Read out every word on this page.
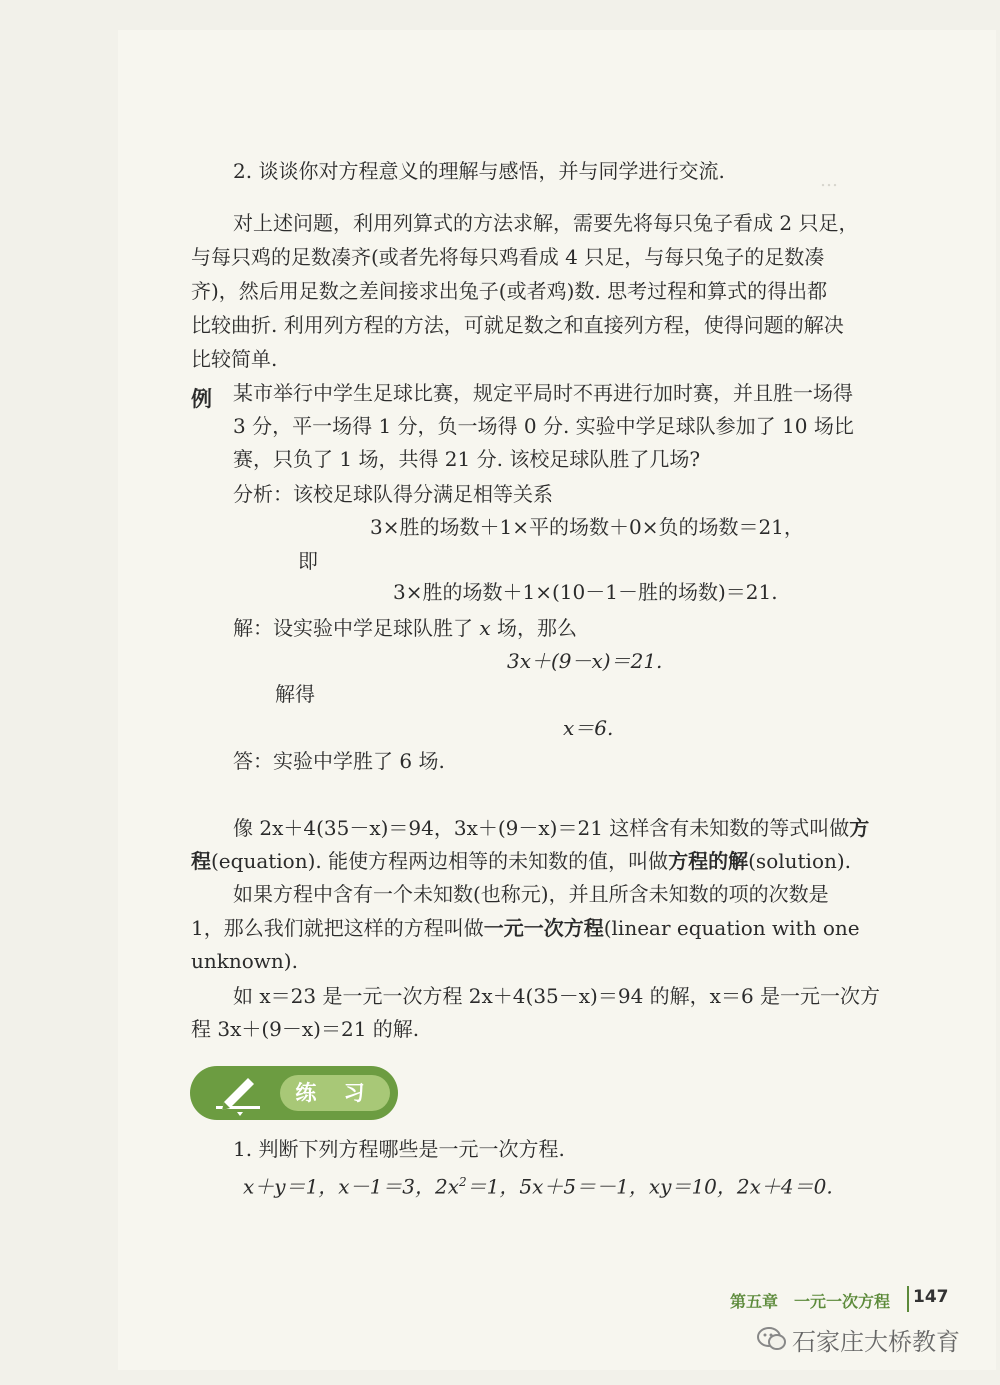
…
2. 谈谈你对方程意义的理解与感悟，并与同学进行交流.
对上述问题，利用列算式的方法求解，需要先将每只兔子看成 2 只足，
与每只鸡的足数凑齐(或者先将每只鸡看成 4 只足，与每只兔子的足数凑
齐)，然后用足数之差间接求出兔子(或者鸡)数. 思考过程和算式的得出都
比较曲折. 利用列方程的方法，可就足数之和直接列方程，使得问题的解决
比较简单.
例 某市举行中学生足球比赛，规定平局时不再进行加时赛，并且胜一场得
3 分，平一场得 1 分，负一场得 0 分. 实验中学足球队参加了 10 场比
赛，只负了 1 场，共得 21 分. 该校足球队胜了几场?
分析：该校足球队得分满足相等关系
3×胜的场数＋1×平的场数＋0×负的场数＝21，
即
3×胜的场数＋1×(10－1－胜的场数)＝21.
解：设实验中学足球队胜了 x 场，那么
3x＋(9－x)＝21.
解得
x＝6.
答：实验中学胜了 6 场.
像 2x＋4(35－x)＝94，3x＋(9－x)＝21 这样含有未知数的等式叫做方
程(equation). 能使方程两边相等的未知数的值，叫做方程的解(solution).
如果方程中含有一个未知数(也称元)，并且所含未知数的项的次数是
1，那么我们就把这样的方程叫做一元一次方程(linear equation with one
unknown).
如 x＝23 是一元一次方程 2x＋4(35－x)＝94 的解，x＝6 是一元一次方
程 3x＋(9－x)＝21 的解.
练 习
1. 判断下列方程哪些是一元一次方程.
x＋y＝1，x－1＝3，$2x^2=1$，5x＋5＝－1，xy＝10，2x＋4＝0.
第五章　一元一次方程 147
石家庄大桥教育
